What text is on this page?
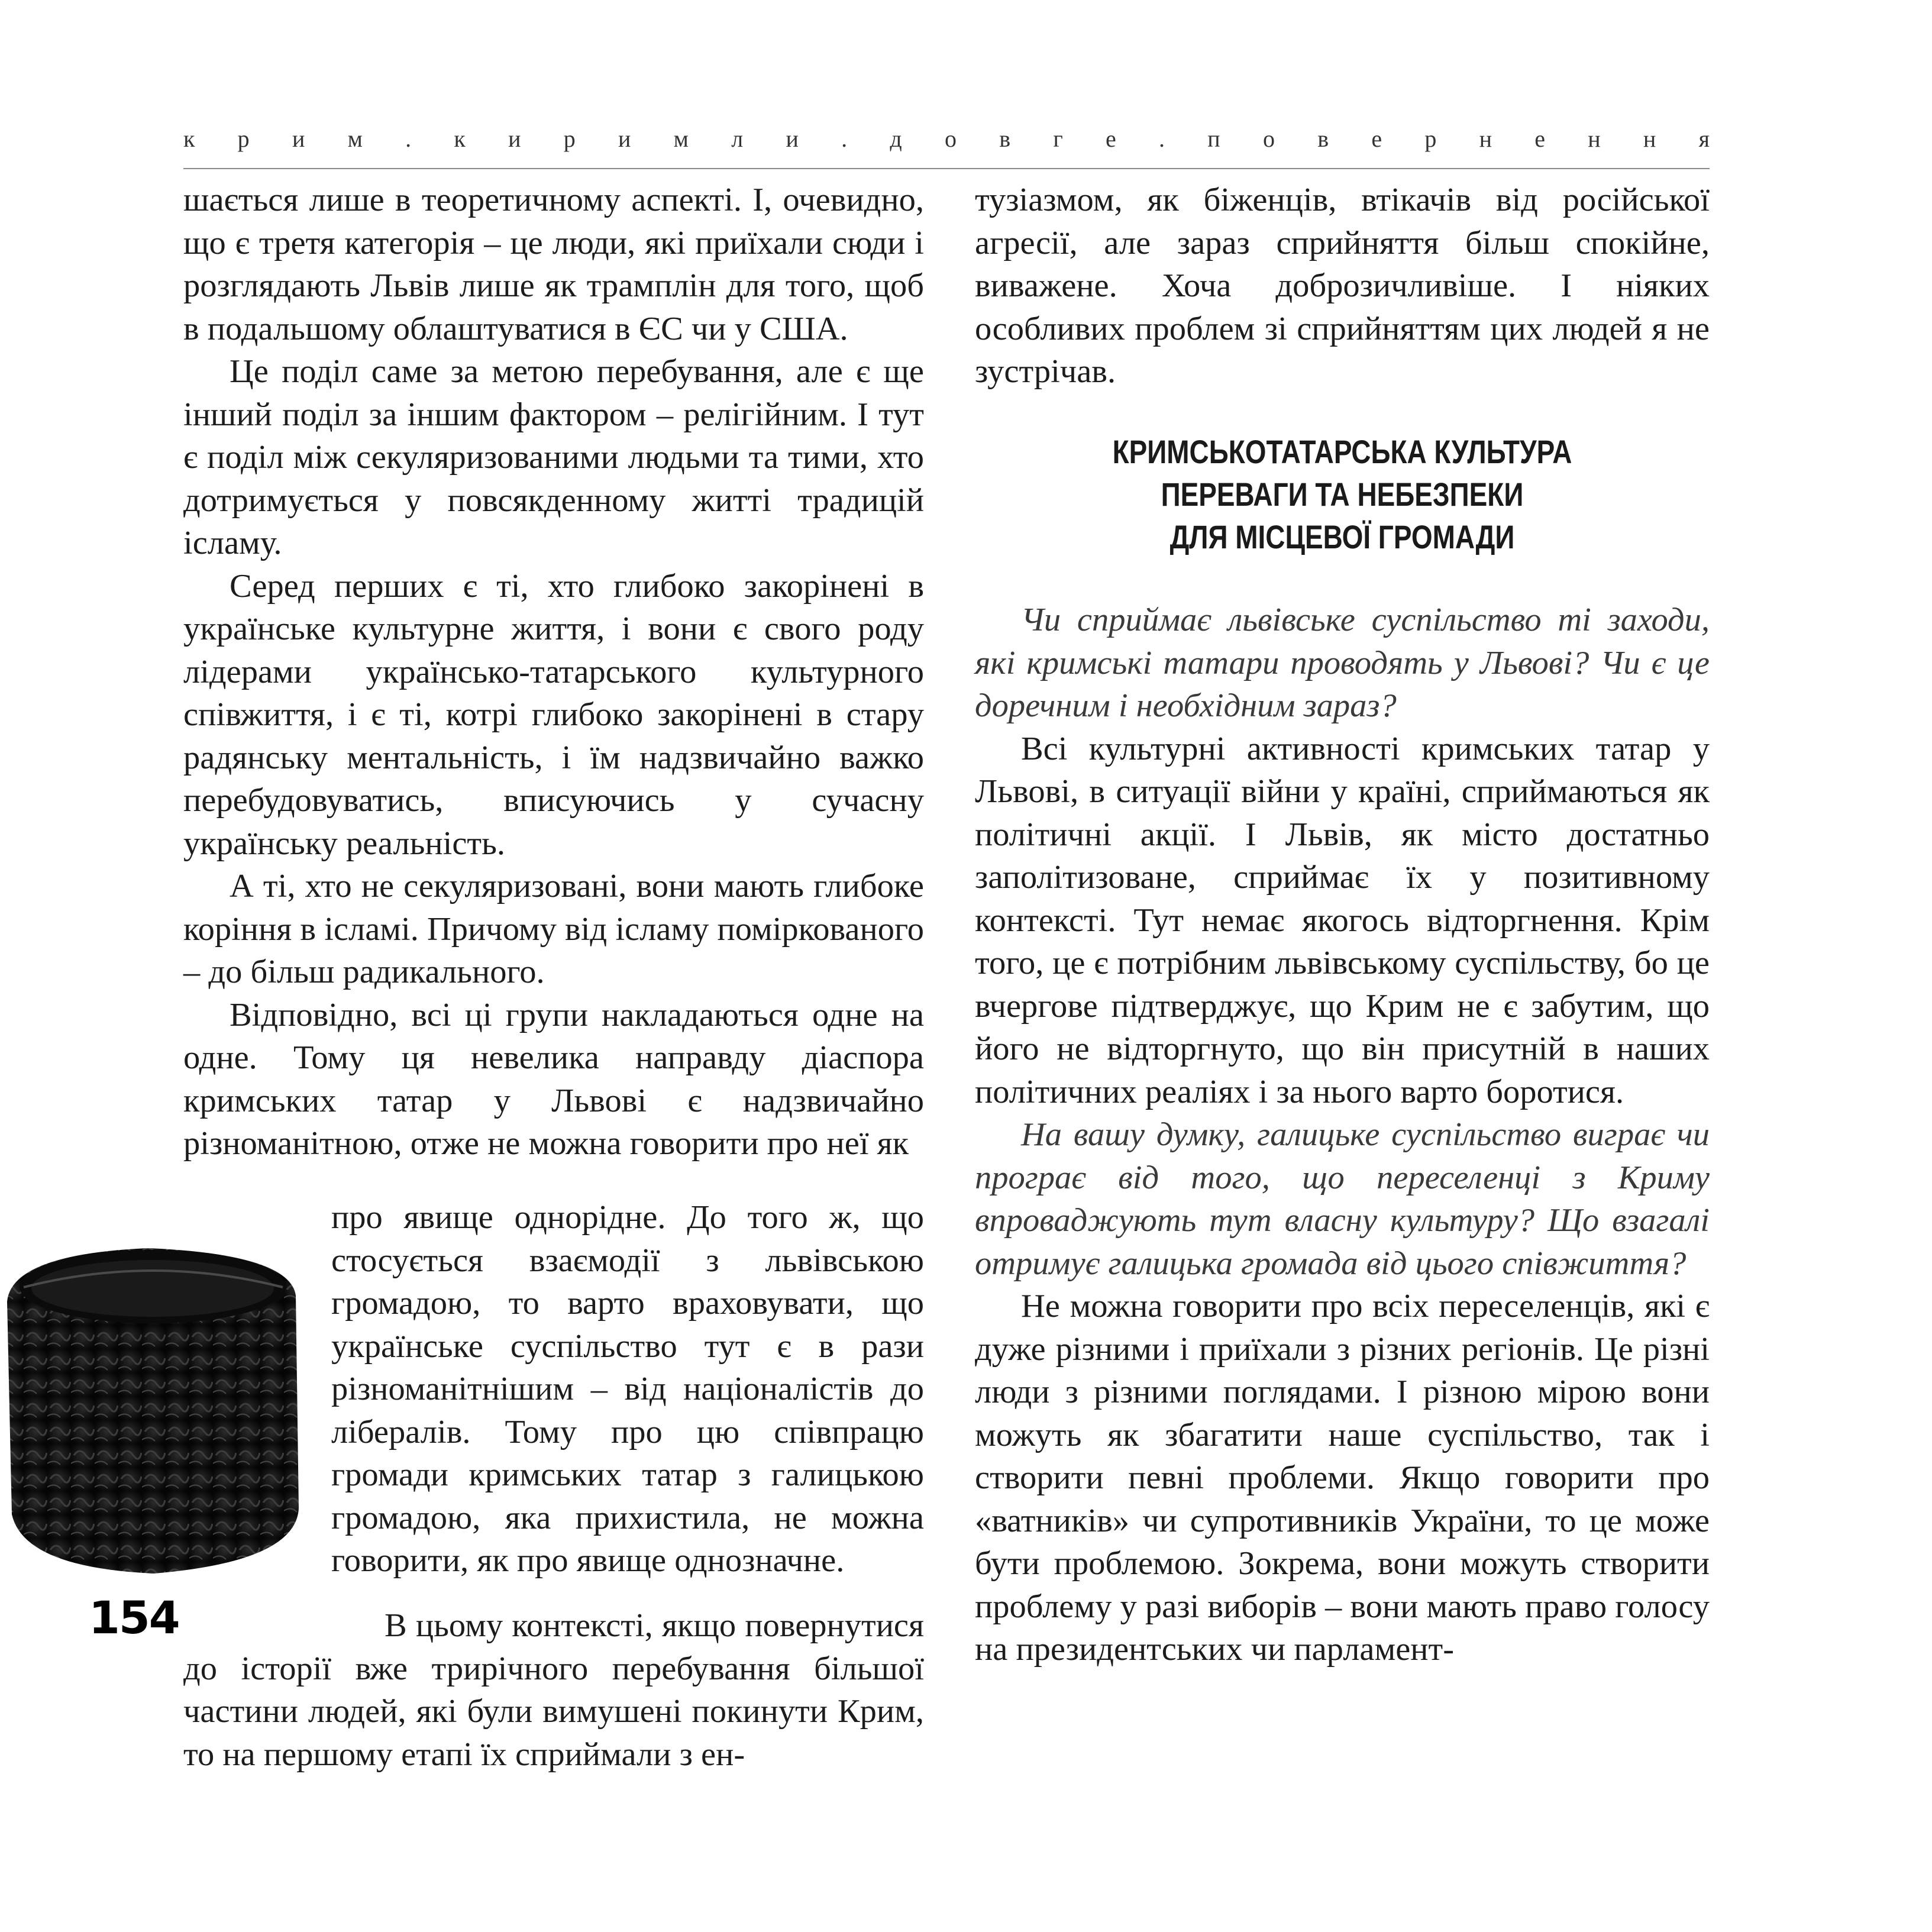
к р и м . к и р и м л и . д о в г е . п о в е р н е н н я

шається лише в теоретичному аспекті. І, очевидно, що є третя категорія – це люди, які приїхали сюди і розглядають Львів лише як трамплін для того, щоб в подальшому облаштуватися в ЄС чи у США.

Це поділ саме за метою перебування, але є ще інший поділ за іншим фактором – релігійним. І тут є поділ між секуляризованими людьми та тими, хто дотримується у повсякденному житті традицій ісламу.

Серед перших є ті, хто глибоко закорінені в українське культурне життя, і вони є свого роду лідерами українсько-татарського культурного співжиття, і є ті, котрі глибоко закорінені в стару радянську ментальність, і їм надзвичайно важко перебудовуватись, вписуючись у сучасну українську реальність.

А ті, хто не секуляризовані, вони мають глибоке коріння в ісламі. Причому від ісламу поміркованого – до більш радикального.

Відповідно, всі ці групи накладаються одне на одне. Тому ця невелика направду діаспора кримських татар у Львові є надзвичайно різноманітною, отже не можна говорити про неї як

про явище однорідне. До того ж, що стосується взаємодії з львівською громадою, то варто враховувати, що українське суспільство тут є в рази різноманітнішим – від націоналістів до лібералів. Тому про цю співпрацю громади кримських татар з галицькою громадою, яка прихистила, не можна говорити, як про явище однозначне.

В цьому контексті, якщо повернутися до історії вже трирічного перебування більшої частини людей, які були вимушені покинути Крим, то на першому етапі їх сприймали з ен-

тузіазмом, як біженців, втікачів від російської агресії, але зараз сприйняття більш спокійне, виважене. Хоча доброзичливіше. І ніяких особливих проблем зі сприйняттям цих людей я не зустрічав.

КРИМСЬКОТАТАРСЬКА КУЛЬТУРА
ПЕРЕВАГИ ТА НЕБЕЗПЕКИ
ДЛЯ МІСЦЕВОЇ ГРОМАДИ

Чи сприймає львівське суспільство ті заходи, які кримські татари проводять у Львові? Чи є це доречним і необхідним зараз?

Всі культурні активності кримських татар у Львові, в ситуації війни у країні, сприймаються як політичні акції. І Львів, як місто достатньо заполітизоване, сприймає їх у позитивному контексті. Тут немає якогось відторгнення. Крім того, це є потрібним львівському суспільству, бо це вчергове підтверджує, що Крим не є забутим, що його не відторгнуто, що він присутній в наших політичних реаліях і за нього варто боротися.

На вашу думку, галицьке суспільство виграє чи програє від того, що переселенці з Криму впроваджують тут власну культуру? Що взагалі отримує галицька громада від цього співжиття?

Не можна говорити про всіх переселенців, які є дуже різними і приїхали з різних регіонів. Це різні люди з різними поглядами. І різною мірою вони можуть як збагатити наше суспільство, так і створити певні проблеми. Якщо говорити про «ватників» чи супротивників України, то це може бути проблемою. Зокрема, вони можуть створити проблему у разі виборів – вони мають право голосу на президентських чи парламент-

154
